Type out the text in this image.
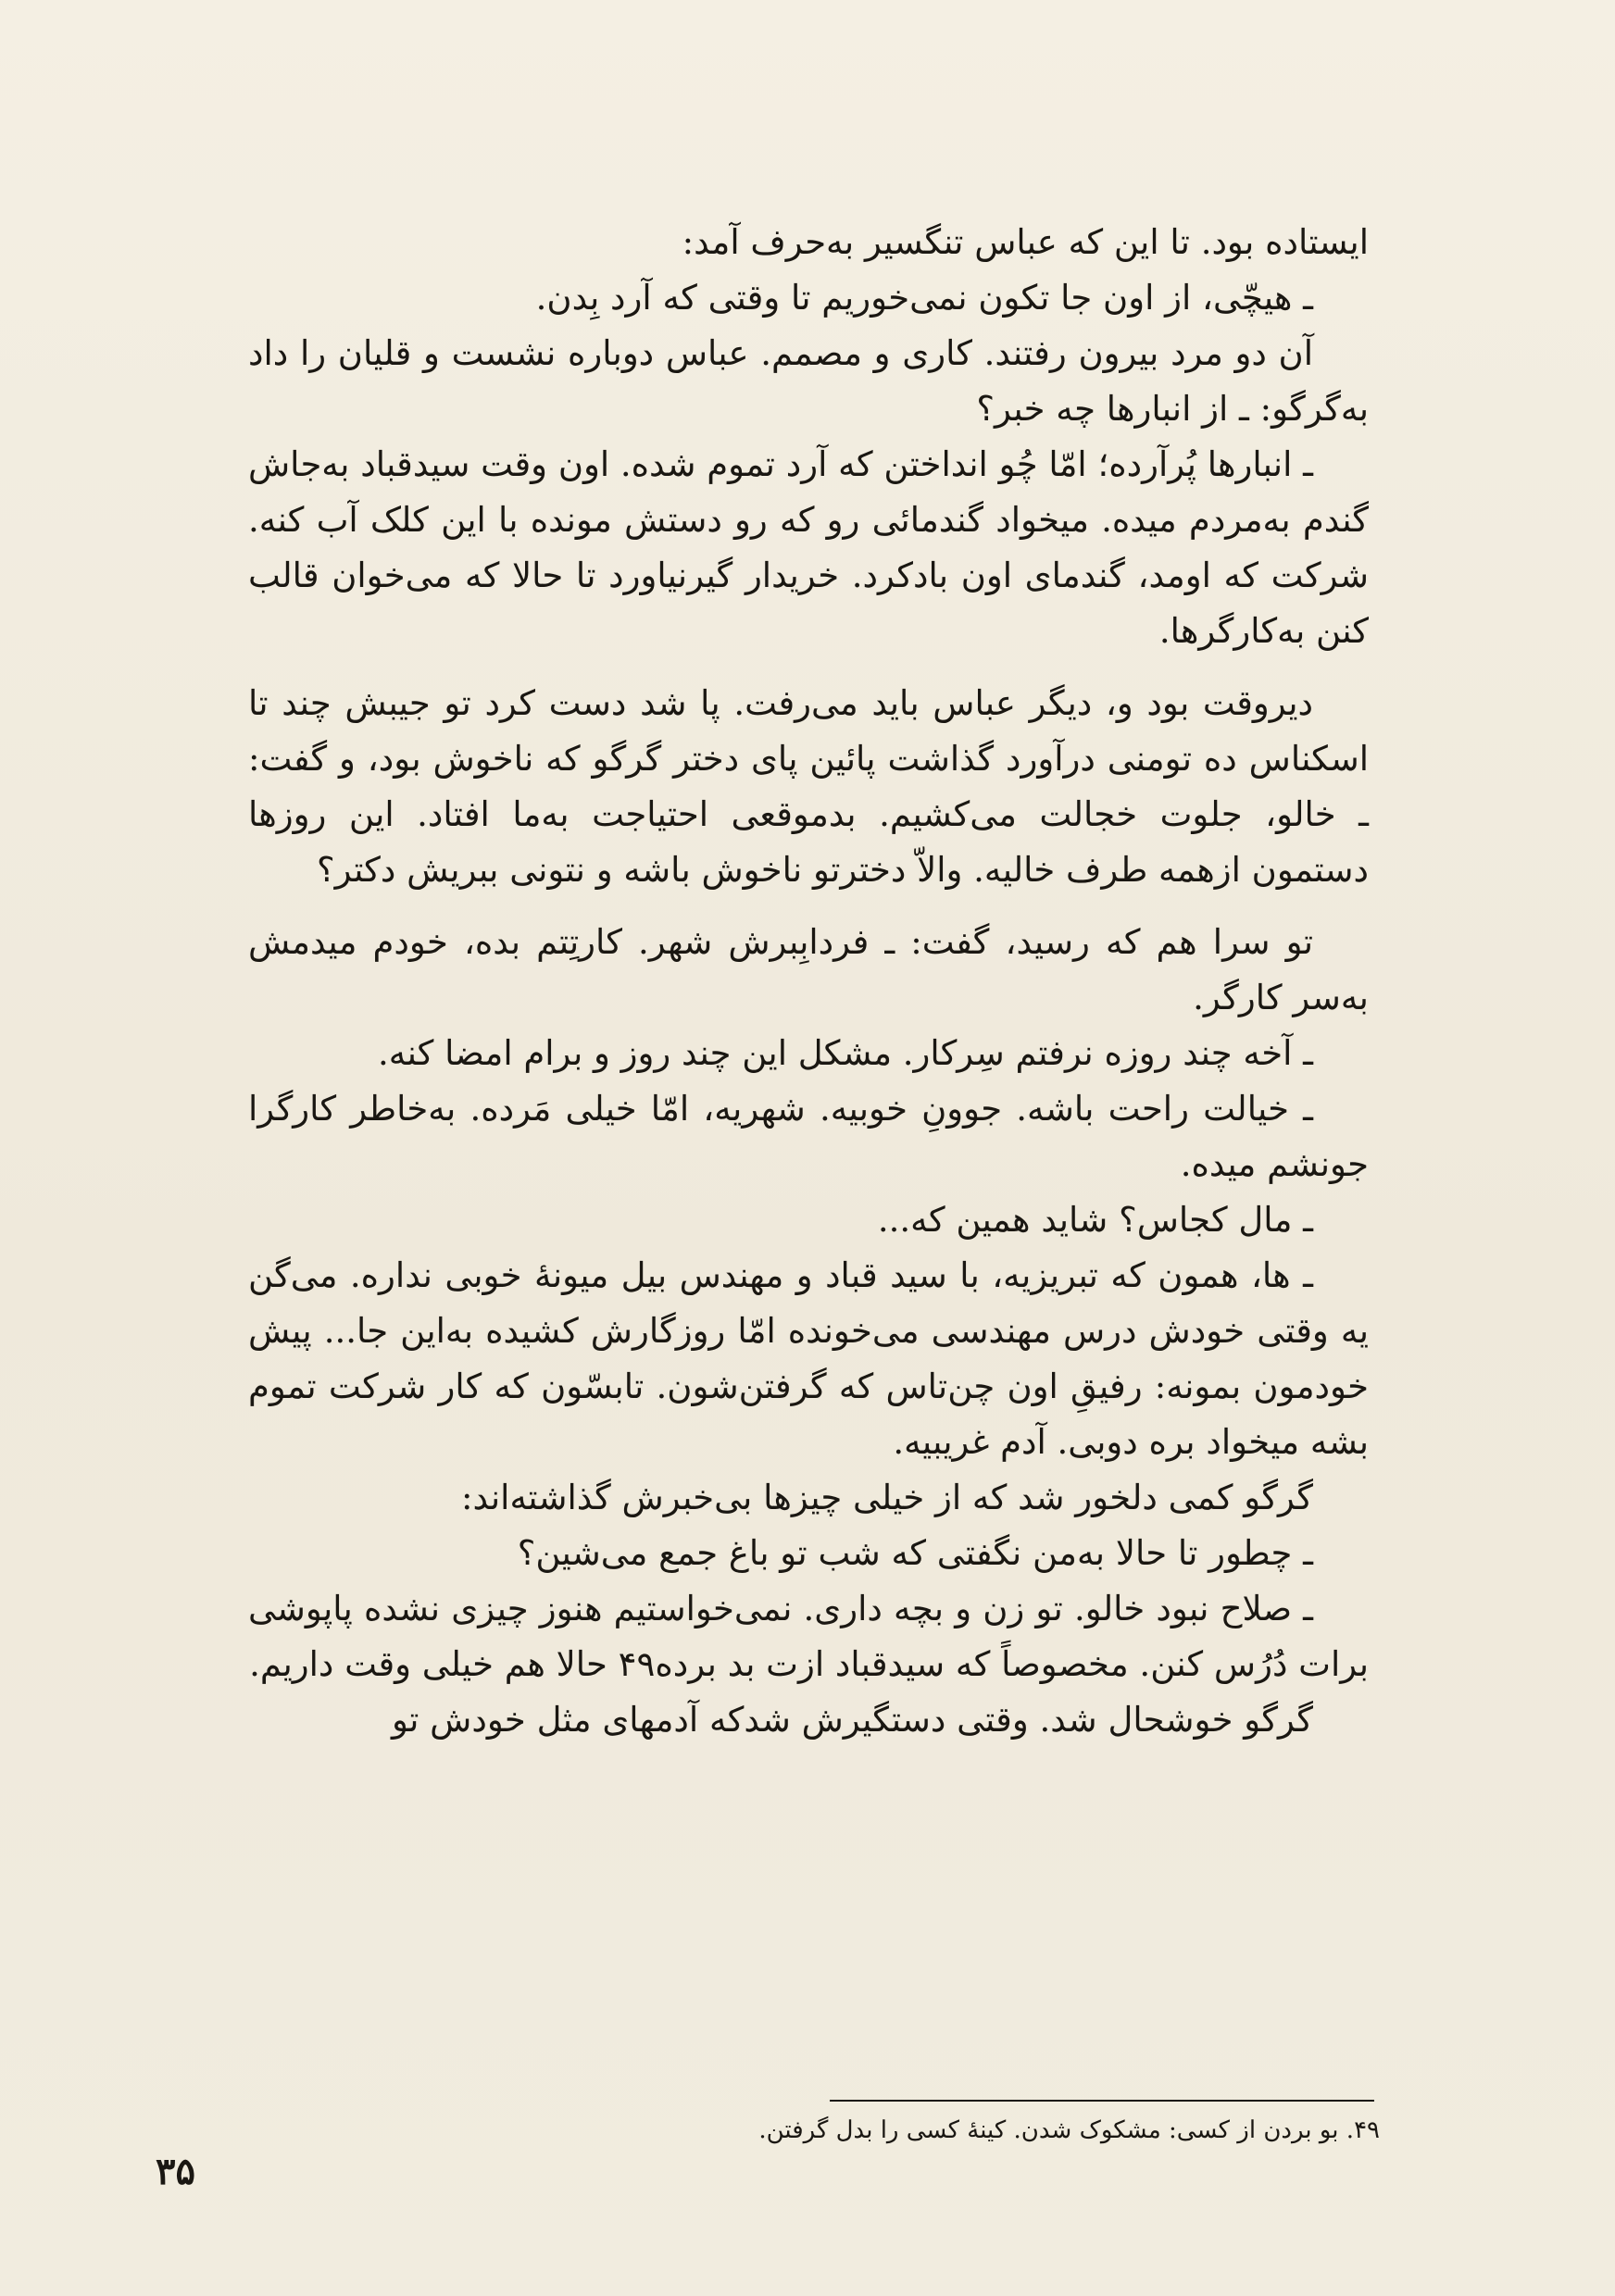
ایستاده بود. تا این که عباس تنگسیر به‌حرف آمد:

ـ هیچّی، از اون جا تکون نمی‌خوریم تا وقتی که آرد بِدن.

آن دو مرد بیرون رفتند. کاری و مصمم. عباس دوباره نشست و قلیان را داد به‌گرگو: ـ از انبارها چه خبر؟

ـ انبارها پُرآرده؛ امّا چُو انداختن که آرد تموم شده. اون وقت سیدقباد به‌جاش گندم به‌مردم میده. میخواد گندمائی رو که رو دستش مونده با این کلک آب کنه. شرکت که اومد، گندمای اون بادکرد. خریدار گیرنیاورد تا حالا که می‌خوان قالب کنن به‌کارگرها.

دیروقت بود و، دیگر عباس باید می‌رفت. پا شد دست کرد تو جیبش چند تا اسکناس ده تومنی درآورد گذاشت پائین پای دختر گرگو که ناخوش بود، و گفت: ـ خالو، جلوت خجالت می‌کشیم. بدموقعی احتیاجت به‌ما افتاد. این روزها دستمون ازهمه طرف خالیه. والاّ دخترتو ناخوش باشه و نتونی ببریش دکتر؟

تو سرا هم که رسید، گفت: ـ فردابِبرش شهر. کارتِتم بده، خودم میدمش به‌سر کارگر.

ـ آخه چند روزه نرفتم سِرکار. مشکل این چند روز و برام امضا کنه.

ـ خیالت راحت باشه. جوونِ خوبیه. شهریه، امّا خیلی مَرده. به‌خاطر کارگرا جونشم میده.

ـ مال کجاس؟ شاید همین که...

ـ ها، همون که تبریزیه، با سید قباد و مهندس بیل میونهٔ خوبی نداره. می‌گن یه وقتی خودش درس مهندسی می‌خونده امّا روزگارش کشیده به‌این جا... پیش خودمون بمونه: رفیقِ اون چن‌تاس که گرفتن‌شون. تابسّون که کار شرکت تموم بشه میخواد بره دوبی. آدم غریبیه.

گرگو کمی دلخور شد که از خیلی چیزها بی‌خبرش گذاشته‌اند:

ـ چطور تا حالا به‌من نگفتی که شب تو باغ جمع می‌شین؟

ـ صلاح نبود خالو. تو زن و بچه داری. نمی‌خواستیم هنوز چیزی نشده پاپوشی برات دُرُس کنن. مخصوصاً که سیدقباد ازت بد برده۴۹ حالا هم خیلی وقت داریم.

گرگو خوشحال شد. وقتی دستگیرش شدکه آدمهای مثل خودش تو

۴۹. بو بردن از کسی: مشکوک شدن. کینهٔ کسی را بدل گرفتن.
۳۵
